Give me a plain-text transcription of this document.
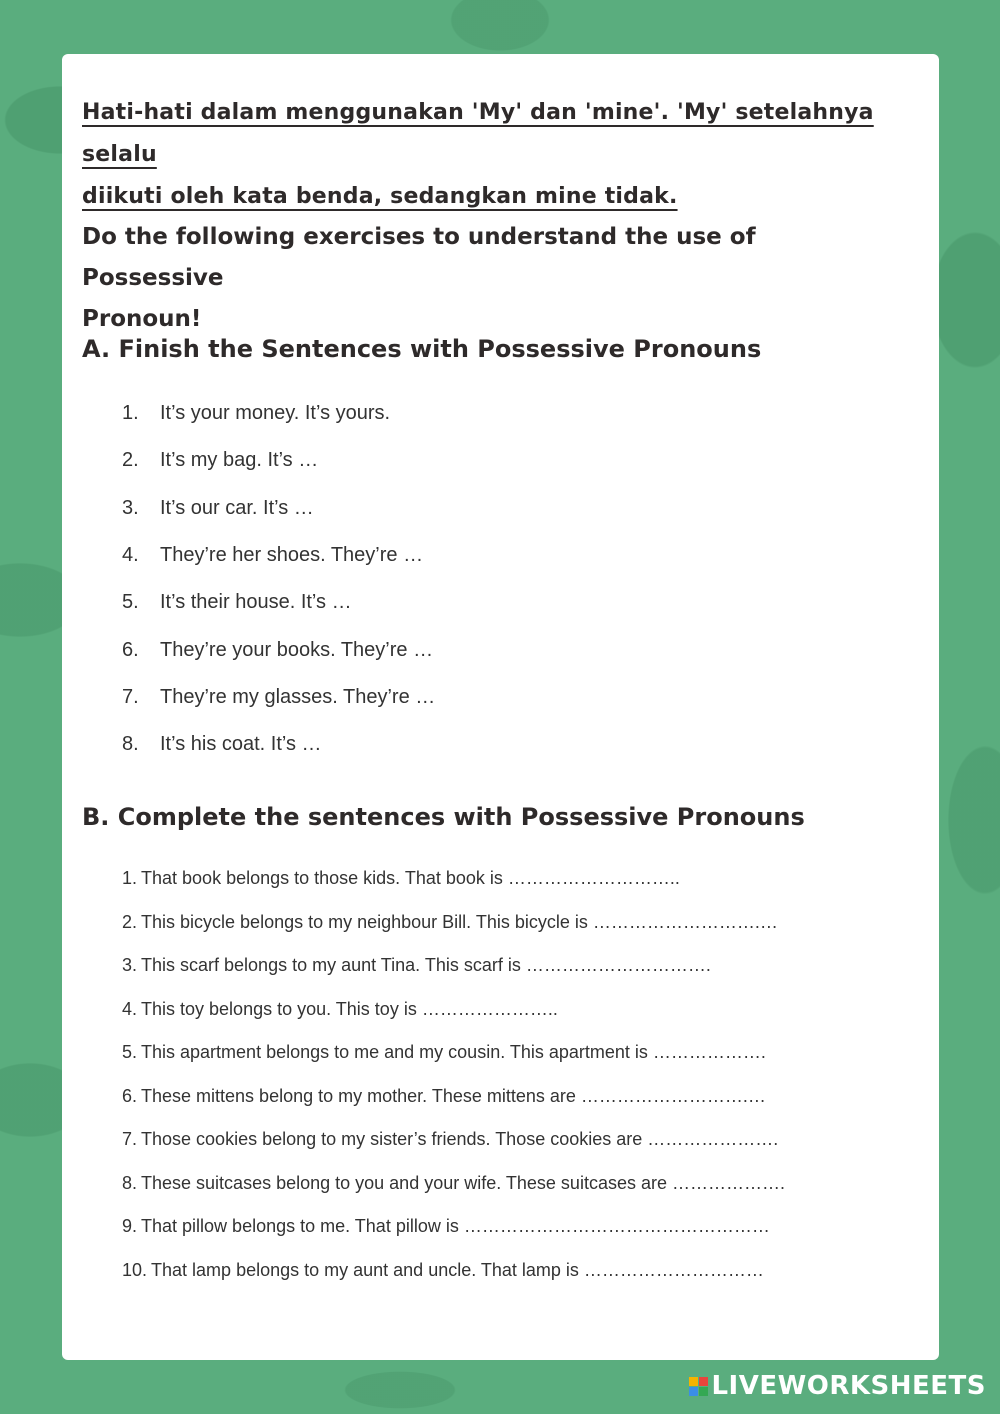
Hati-hati dalam menggunakan 'My' dan 'mine'. 'My' setelahnya selalu
diikuti oleh kata benda, sedangkan mine tidak.

Do the following exercises to understand the use of Possessive
Pronoun!

A. Finish the Sentences with Possessive Pronouns
1.	It’s your money. It’s yours.
2.	It’s my bag. It’s …
3.	It’s our car. It’s …
4.	They’re her shoes. They’re …
5.	It’s their house. It’s …
6.	They’re your books. They’re …
7.	They’re my glasses. They’re …
8.	It’s his coat. It’s …
B. Complete the sentences with Possessive Pronouns
1. That book belongs to those kids. That book is ………………………..
2. This bicycle belongs to my neighbour Bill. This bicycle is ……………………….…
3. This scarf belongs to my aunt Tina. This scarf is ………………………….
4. This toy belongs to you. This toy is …………………..
5. This apartment belongs to me and my cousin. This apartment is ……………….
6. These mittens belong to my mother. These mittens are ……………………….…
7. Those cookies belong to my sister’s friends. Those cookies are ………………….
8. These suitcases belong to you and your wife. These suitcases are ……………….
9. That pillow belongs to me. That pillow is ……………………………………………
10. That lamp belongs to my aunt and uncle. That lamp is …………………………
LIVEWORKSHEETS
